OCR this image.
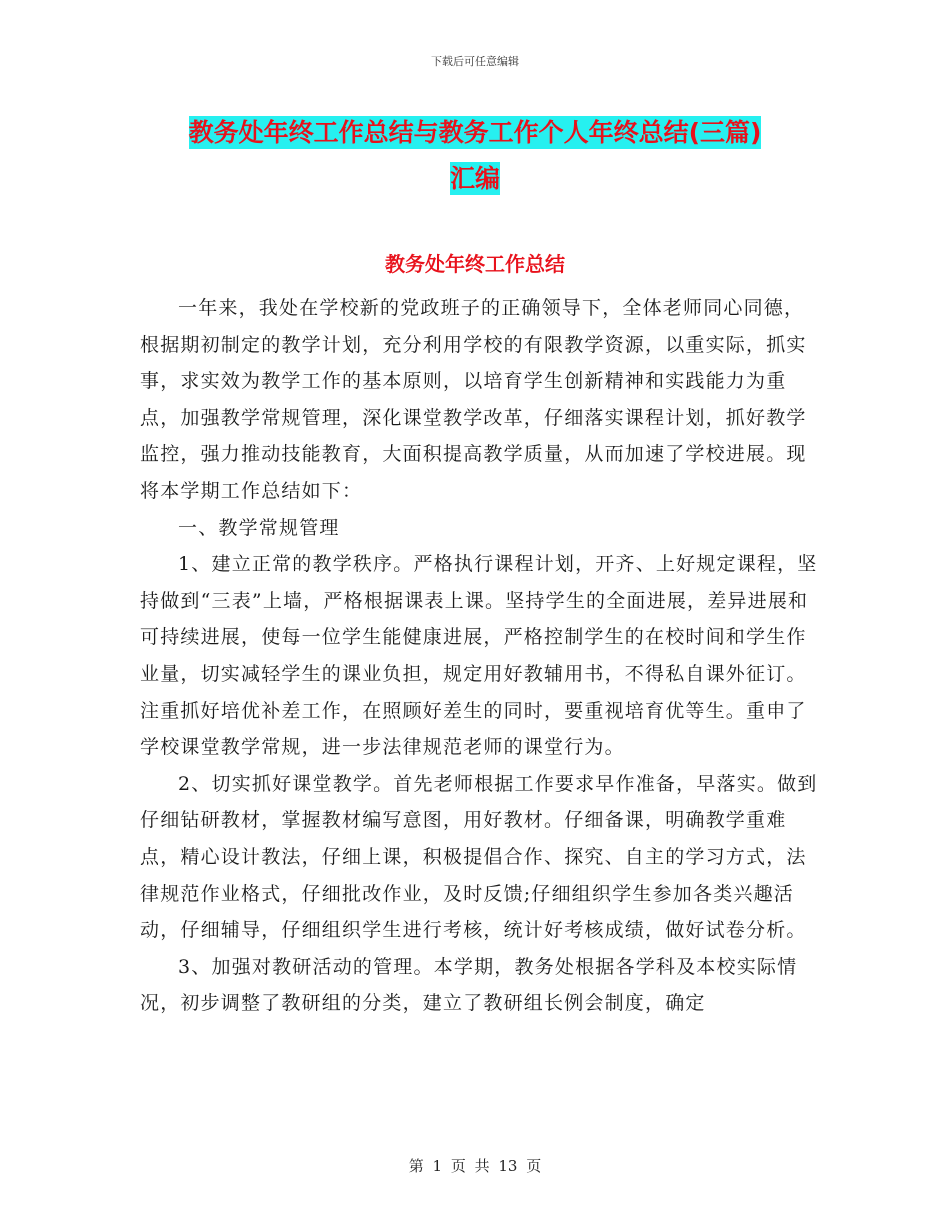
下载后可任意编辑
教务处年终工作总结与教务工作个人年终总结(三篇)
汇编
教务处年终工作总结

一年来，我处在学校新的党政班子的正确领导下，全体老师同心同德，根据期初制定的教学计划，充分利用学校的有限教学资源，以重实际，抓实事，求实效为教学工作的基本原则，以培育学生创新精神和实践能力为重点，加强教学常规管理，深化课堂教学改革，仔细落实课程计划，抓好教学监控，强力推动技能教育，大面积提高教学质量，从而加速了学校进展。现将本学期工作总结如下：

一、教学常规管理

1、建立正常的教学秩序。严格执行课程计划，开齐、上好规定课程，坚持做到“三表”上墙，严格根据课表上课。坚持学生的全面进展，差异进展和可持续进展，使每一位学生能健康进展，严格控制学生的在校时间和学生作业量，切实减轻学生的课业负担，规定用好教辅用书，不得私自课外征订。注重抓好培优补差工作，在照顾好差生的同时，要重视培育优等生。重申了学校课堂教学常规，进一步法律规范老师的课堂行为。

2、切实抓好课堂教学。首先老师根据工作要求早作准备，早落实。做到仔细钻研教材，掌握教材编写意图，用好教材。仔细备课，明确教学重难点，精心设计教法，仔细上课，积极提倡合作、探究、自主的学习方式，法律规范作业格式，仔细批改作业，及时反馈;仔细组织学生参加各类兴趣活动，仔细辅导，仔细组织学生进行考核，统计好考核成绩，做好试卷分析。

3、加强对教研活动的管理。本学期，教务处根据各学科及本校实际情况，初步调整了教研组的分类，建立了教研组长例会制度，确定

第 1 页 共 13 页
